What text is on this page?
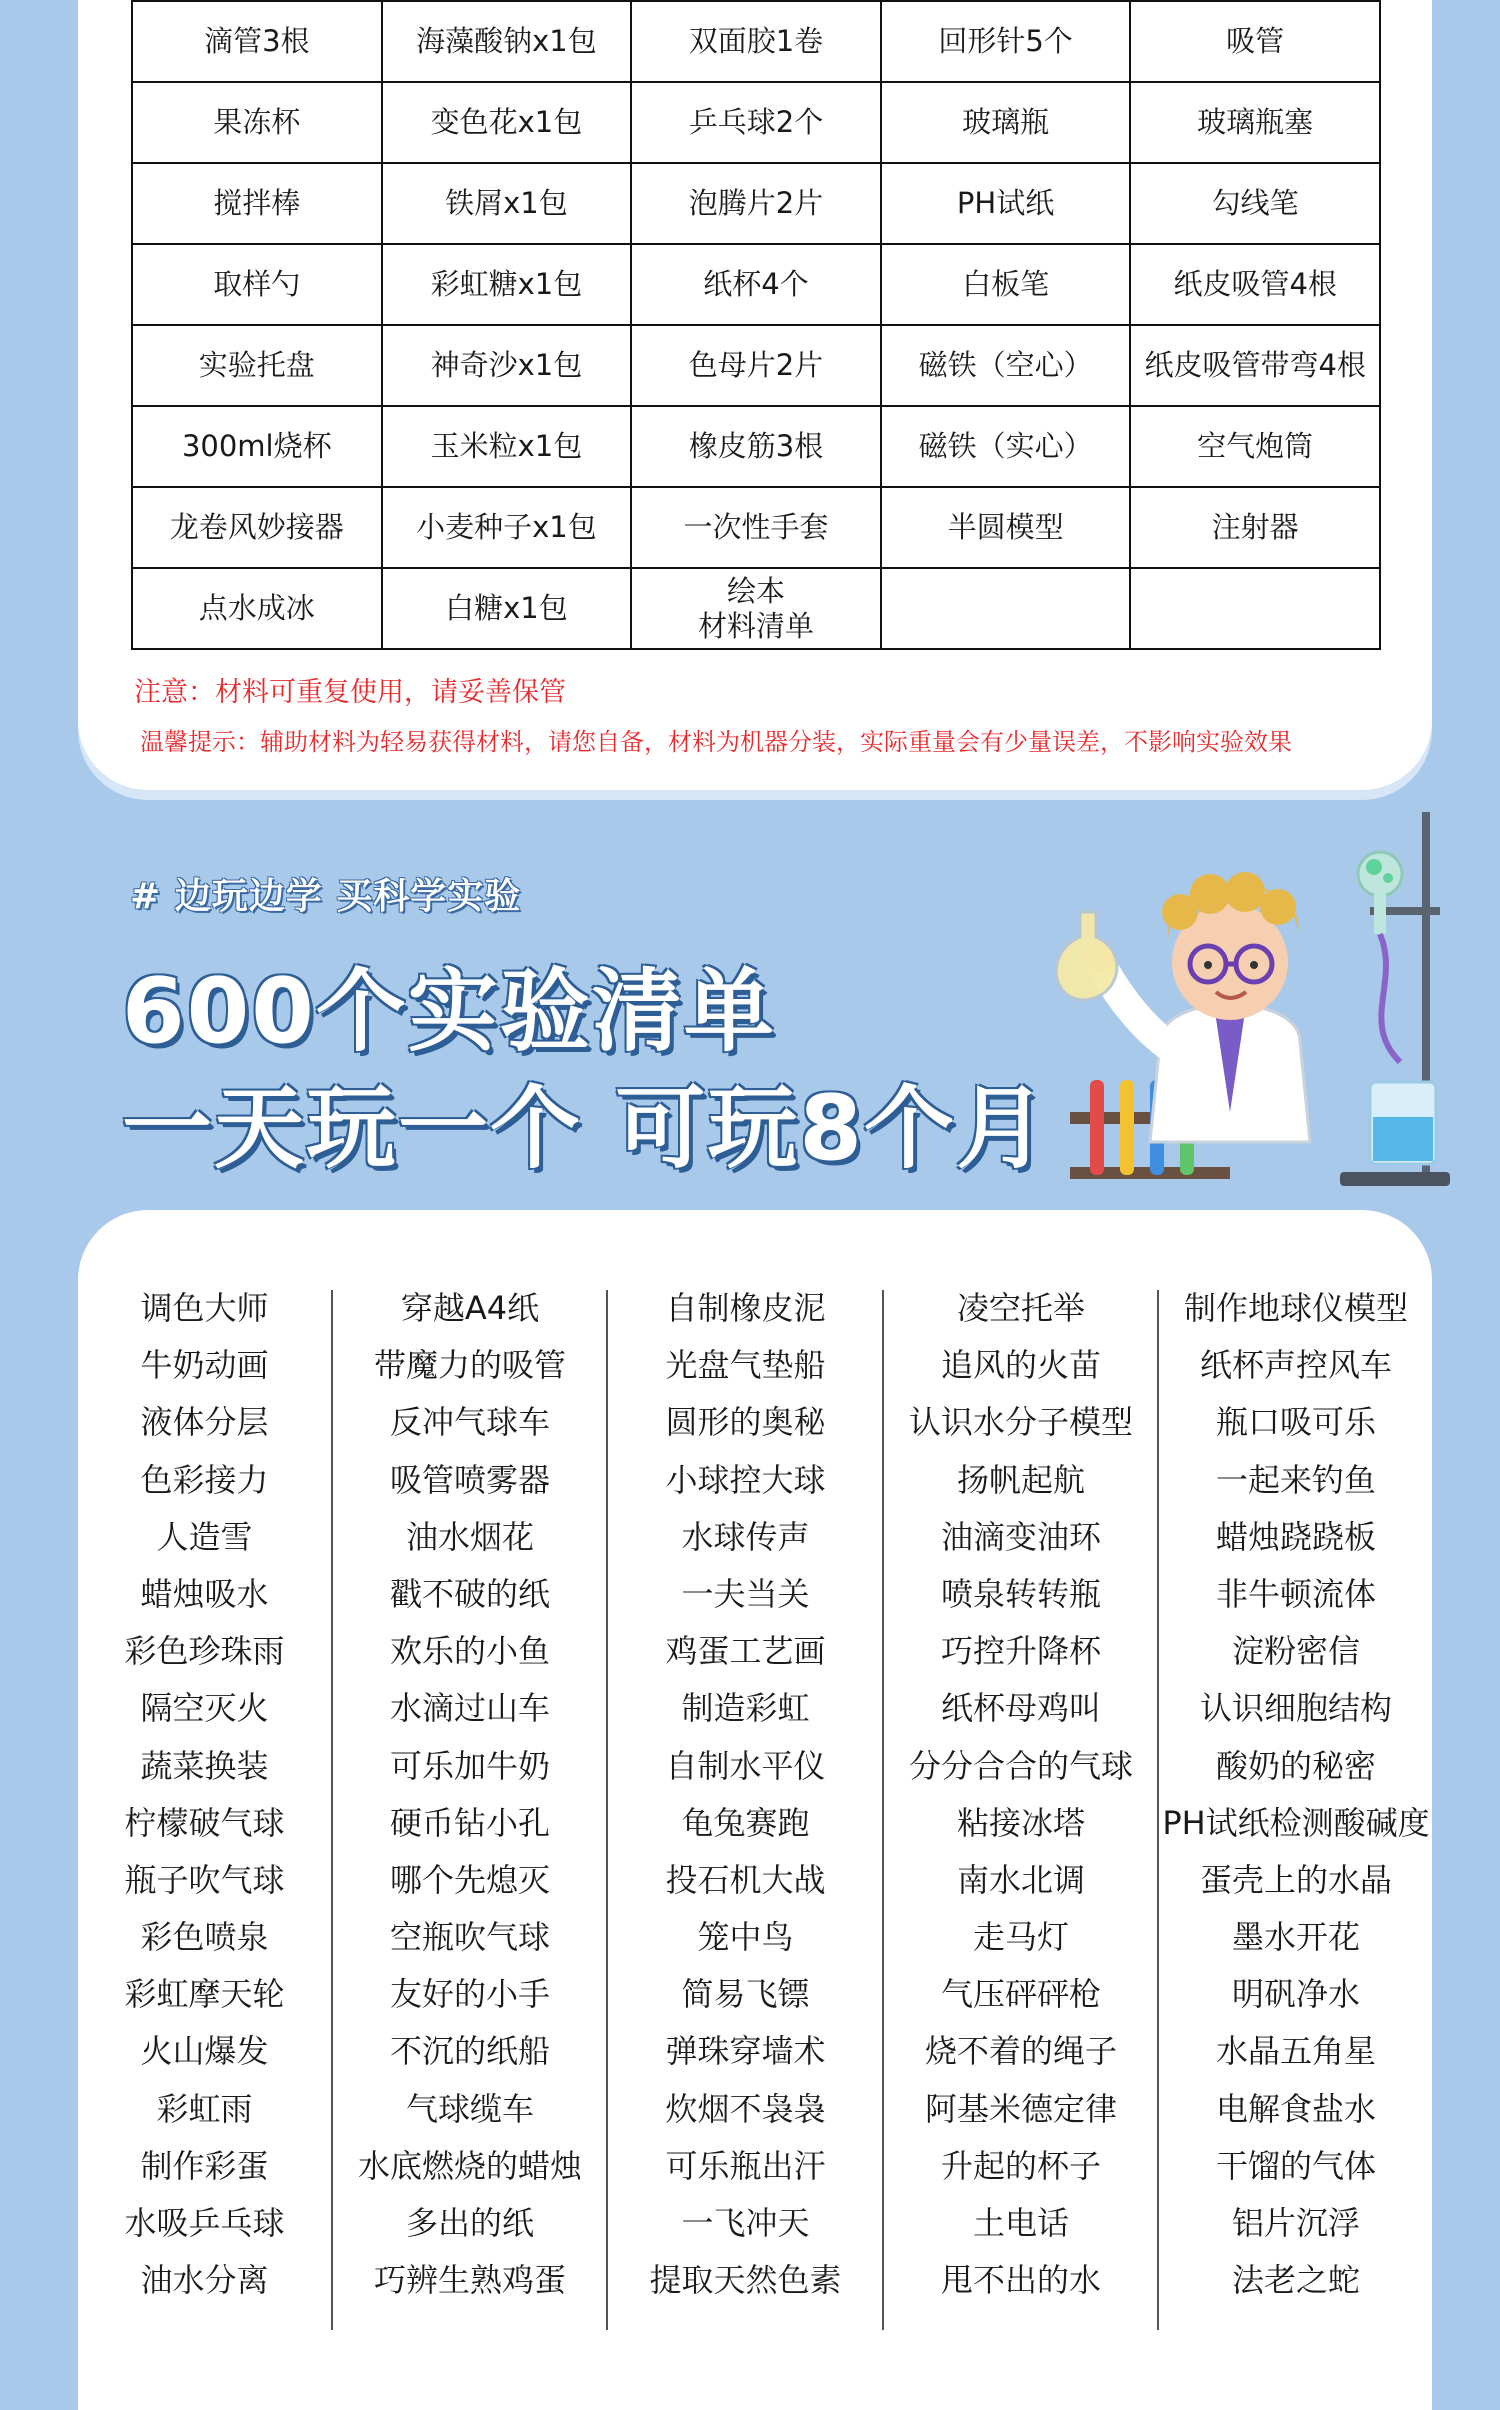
滴管3根	海藻酸钠x1包	双面胶1卷	回形针5个	吸管
果冻杯	变色花x1包	乒乓球2个	玻璃瓶	玻璃瓶塞
搅拌棒	铁屑x1包	泡腾片2片	PH试纸	勾线笔
取样勺	彩虹糖x1包	纸杯4个	白板笔	纸皮吸管4根
实验托盘	神奇沙x1包	色母片2片	磁铁（空心）	纸皮吸管带弯4根
300ml烧杯	玉米粒x1包	橡皮筋3根	磁铁（实心）	空气炮筒
龙卷风妙接器	小麦种子x1包	一次性手套	半圆模型	注射器
点水成冰	白糖x1包	绘本
材料清单		
注意：材料可重复使用，请妥善保管
温馨提示：辅助材料为轻易获得材料，请您自备，材料为机器分装，实际重量会有少量误差，不影响实验效果
# 边玩边学 买科学实验
600个实验清单
一天玩一个 可玩8个月
调色大师
牛奶动画
液体分层
色彩接力
人造雪
蜡烛吸水
彩色珍珠雨
隔空灭火
蔬菜换装
柠檬破气球
瓶子吹气球
彩色喷泉
彩虹摩天轮
火山爆发
彩虹雨
制作彩蛋
水吸乒乓球
油水分离
穿越A4纸
带魔力的吸管
反冲气球车
吸管喷雾器
油水烟花
戳不破的纸
欢乐的小鱼
水滴过山车
可乐加牛奶
硬币钻小孔
哪个先熄灭
空瓶吹气球
友好的小手
不沉的纸船
气球缆车
水底燃烧的蜡烛
多出的纸
巧辨生熟鸡蛋
自制橡皮泥
光盘气垫船
圆形的奥秘
小球控大球
水球传声
一夫当关
鸡蛋工艺画
制造彩虹
自制水平仪
龟兔赛跑
投石机大战
笼中鸟
简易飞镖
弹珠穿墙术
炊烟不袅袅
可乐瓶出汗
一飞冲天
提取天然色素
凌空托举
追风的火苗
认识水分子模型
扬帆起航
油滴变油环
喷泉转转瓶
巧控升降杯
纸杯母鸡叫
分分合合的气球
粘接冰塔
南水北调
走马灯
气压砰砰枪
烧不着的绳子
阿基米德定律
升起的杯子
土电话
甩不出的水
制作地球仪模型
纸杯声控风车
瓶口吸可乐
一起来钓鱼
蜡烛跷跷板
非牛顿流体
淀粉密信
认识细胞结构
酸奶的秘密
PH试纸检测酸碱度
蛋壳上的水晶
墨水开花
明矾净水
水晶五角星
电解食盐水
干馏的气体
铝片沉浮
法老之蛇
